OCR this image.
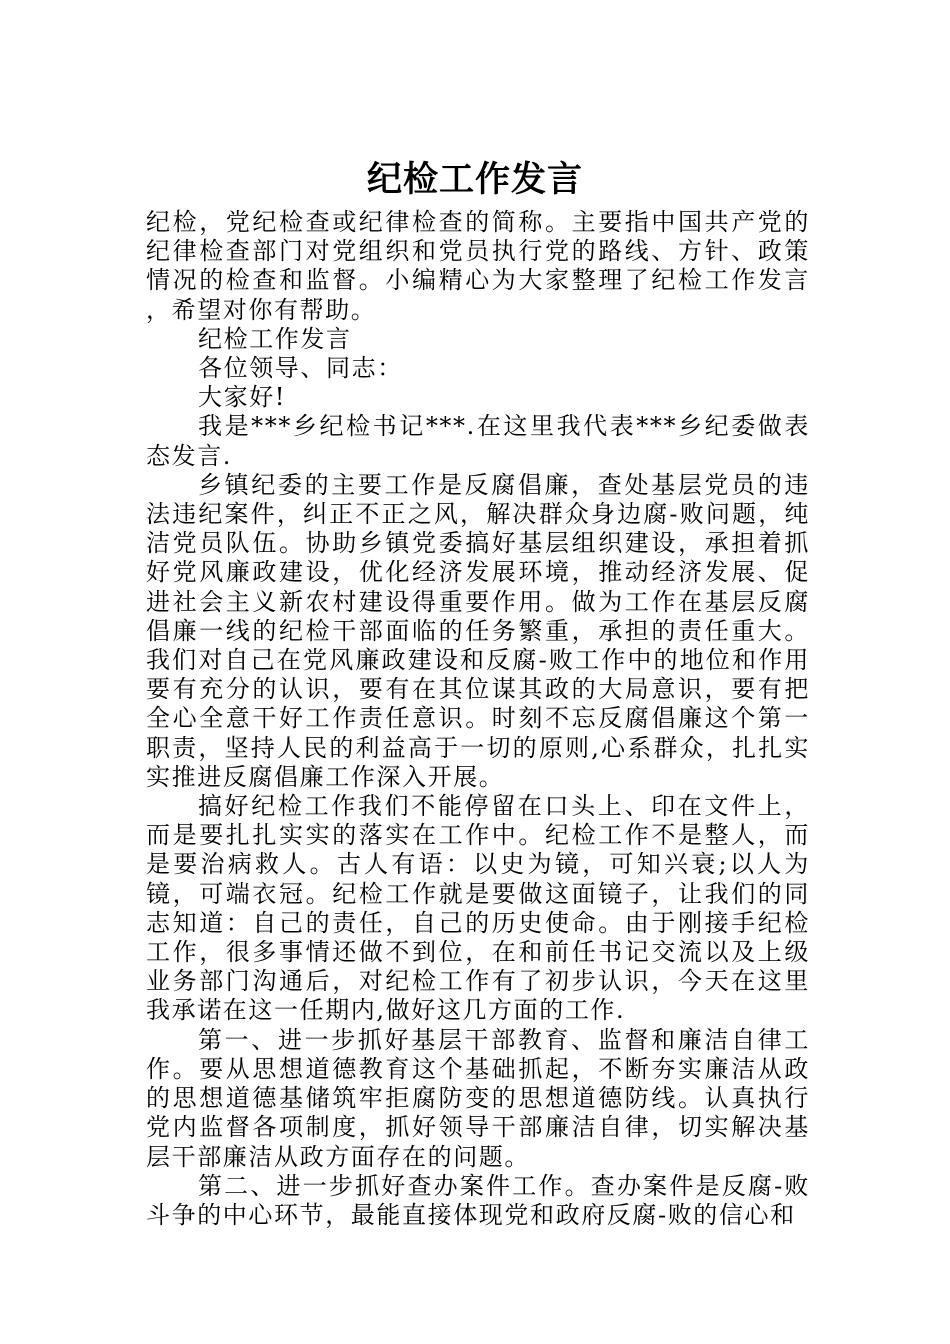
纪检工作发言

纪检，党纪检查或纪律检查的简称。主要指中国共产党的纪律检查部门对党组织和党员执行党的路线、方针、政策情况的检查和监督。小编精心为大家整理了纪检工作发言 ，希望对你有帮助。

纪检工作发言

各位领导、同志：

大家好!

我是***乡纪检书记***.在这里我代表***乡纪委做表态发言.

乡镇纪委的主要工作是反腐倡廉，查处基层党员的违法违纪案件，纠正不正之风，解决群众身边腐-败问题，纯洁党员队伍。协助乡镇党委搞好基层组织建设，承担着抓好党风廉政建设，优化经济发展环境，推动经济发展、促进社会主义新农村建设得重要作用。做为工作在基层反腐倡廉一线的纪检干部面临的任务繁重，承担的责任重大。我们对自己在党风廉政建设和反腐-败工作中的地位和作用要有充分的认识，要有在其位谋其政的大局意识，要有把全心全意干好工作责任意识。时刻不忘反腐倡廉这个第一职责，坚持人民的利益高于一切的原则,心系群众，扎扎实实推进反腐倡廉工作深入开展。

搞好纪检工作我们不能停留在口头上、印在文件上，而是要扎扎实实的落实在工作中。纪检工作不是整人，而是要治病救人。古人有语：以史为镜，可知兴衰;以人为镜，可端衣冠。纪检工作就是要做这面镜子，让我们的同志知道：自己的责任，自己的历史使命。由于刚接手纪检工作，很多事情还做不到位，在和前任书记交流以及上级业务部门沟通后，对纪检工作有了初步认识，今天在这里我承诺在这一任期内,做好这几方面的工作.

第一、进一步抓好基层干部教育、监督和廉洁自律工作。要从思想道德教育这个基础抓起，不断夯实廉洁从政的思想道德基储筑牢拒腐防变的思想道德防线。认真执行党内监督各项制度，抓好领导干部廉洁自律，切实解决基层干部廉洁从政方面存在的问题。

第二、进一步抓好查办案件工作。查办案件是反腐-败斗争的中心环节，最能直接体现党和政府反腐-败的信心和
